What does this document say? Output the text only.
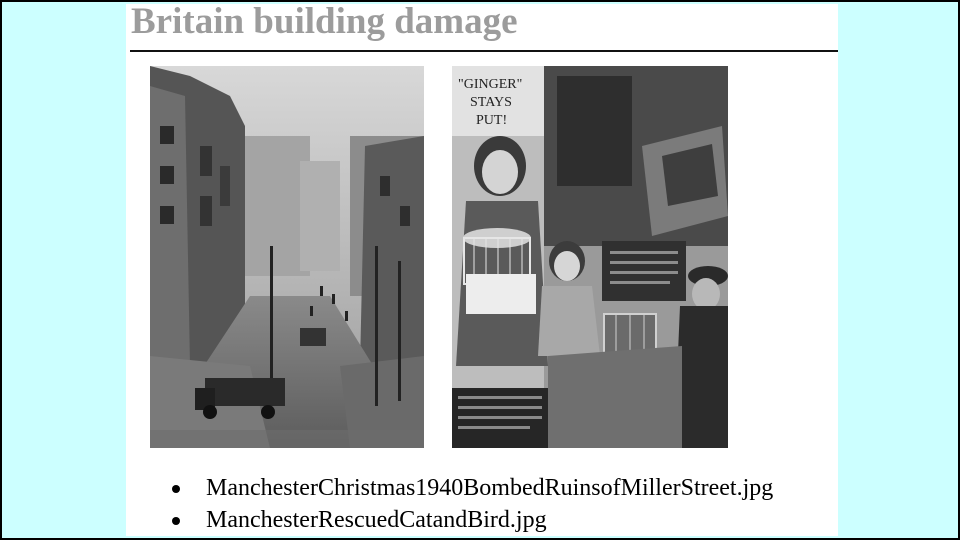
Britain building damage
"GINGER"
STAYS
PUT!
ManchesterChristmas1940BombedRuinsofMillerStreet.jpg
ManchesterRescuedCatandBird.jpg
